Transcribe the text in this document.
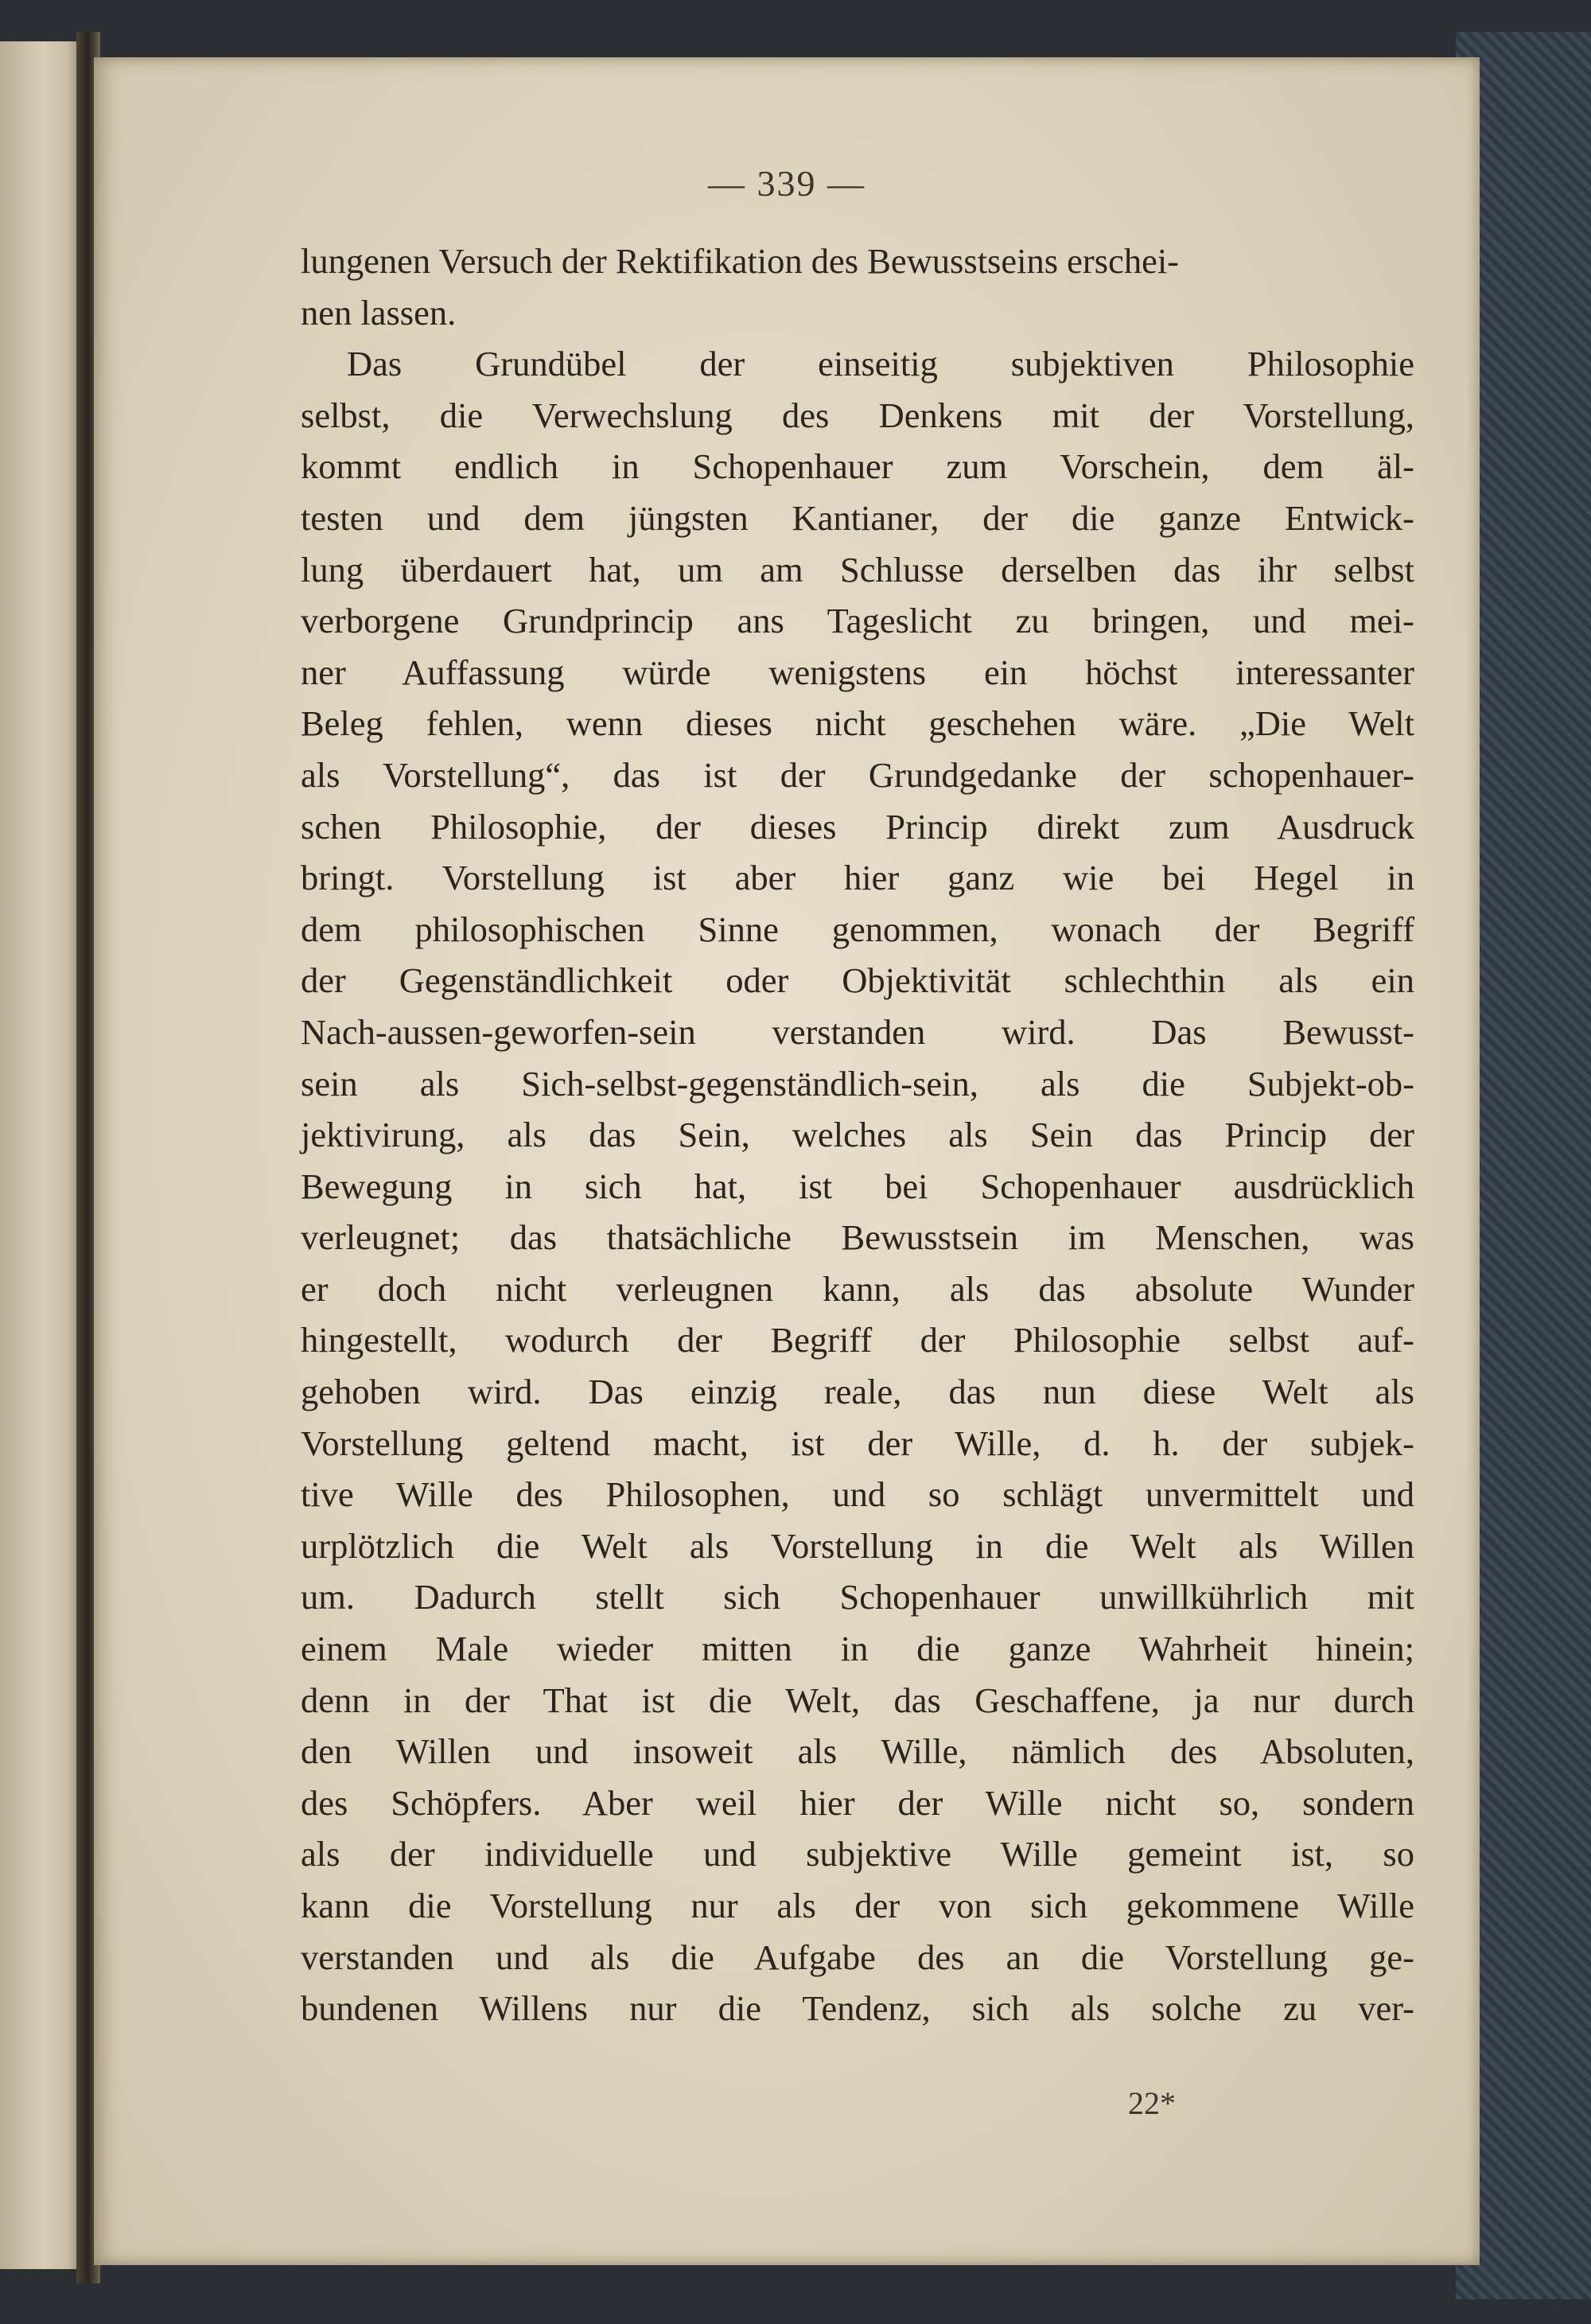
— 339 —
lungenen Versuch der Rektifikation des Bewusstseins erschei-
nen lassen.
Das Grundübel der einseitig subjektiven Philosophie
selbst, die Verwechslung des Denkens mit der Vorstellung,
kommt endlich in Schopenhauer zum Vorschein, dem äl-
testen und dem jüngsten Kantianer, der die ganze Entwick-
lung überdauert hat, um am Schlusse derselben das ihr selbst
verborgene Grundprincip ans Tageslicht zu bringen, und mei-
ner Auffassung würde wenigstens ein höchst interessanter
Beleg fehlen, wenn dieses nicht geschehen wäre. „Die Welt
als Vorstellung“, das ist der Grundgedanke der schopenhauer-
schen Philosophie, der dieses Princip direkt zum Ausdruck
bringt. Vorstellung ist aber hier ganz wie bei Hegel in
dem philosophischen Sinne genommen, wonach der Begriff
der Gegenständlichkeit oder Objektivität schlechthin als ein
Nach-aussen-geworfen-sein verstanden wird. Das Bewusst-
sein als Sich-selbst-gegenständlich-sein, als die Subjekt-ob-
jektivirung, als das Sein, welches als Sein das Princip der
Bewegung in sich hat, ist bei Schopenhauer ausdrücklich
verleugnet; das thatsächliche Bewusstsein im Menschen, was
er doch nicht verleugnen kann, als das absolute Wunder
hingestellt, wodurch der Begriff der Philosophie selbst auf-
gehoben wird. Das einzig reale, das nun diese Welt als
Vorstellung geltend macht, ist der Wille, d. h. der subjek-
tive Wille des Philosophen, und so schlägt unvermittelt und
urplötzlich die Welt als Vorstellung in die Welt als Willen
um. Dadurch stellt sich Schopenhauer unwillkührlich mit
einem Male wieder mitten in die ganze Wahrheit hinein;
denn in der That ist die Welt, das Geschaffene, ja nur durch
den Willen und insoweit als Wille, nämlich des Absoluten,
des Schöpfers. Aber weil hier der Wille nicht so, sondern
als der individuelle und subjektive Wille gemeint ist, so
kann die Vorstellung nur als der von sich gekommene Wille
verstanden und als die Aufgabe des an die Vorstellung ge-
bundenen Willens nur die Tendenz, sich als solche zu ver-
22*
